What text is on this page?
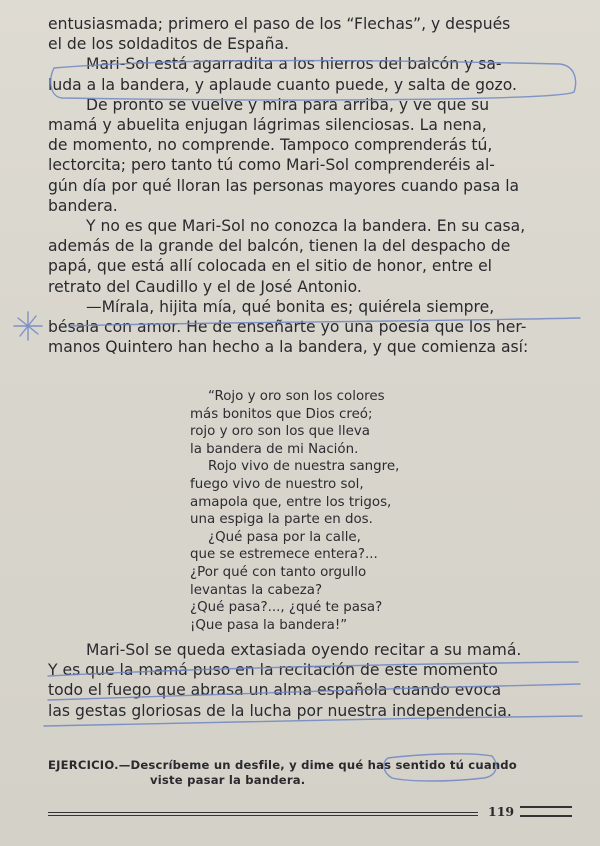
entusiasmada; primero el paso de los “Flechas”, y después
el de los soldaditos de España.

Mari-Sol está agarradita a los hierros del balcón y sa-

luda a la bandera, y aplaude cuanto puede, y salta de gozo.

De pronto se vuelve y mira para arriba, y ve que su

mamá y abuelita enjugan lágrimas silenciosas. La nena,
de momento, no comprende. Tampoco comprenderás tú,
lectorcita; pero tanto tú como Mari-Sol comprenderéis al-
gún día por qué lloran las personas mayores cuando pasa la
bandera.

Y no es que Mari-Sol no conozca la bandera. En su casa,

además de la grande del balcón, tienen la del despacho de
papá, que está allí colocada en el sitio de honor, entre el
retrato del Caudillo y el de José Antonio.

—Mírala, hijita mía, qué bonita es; quiérela siempre,

bésala con amor. He de enseñarte yo una poesía que los her-
manos Quintero han hecho a la bandera, y que comienza así:

“Rojo y oro son los colores
más bonitos que Dios creó;
rojo y oro son los que lleva
la bandera de mi Nación.
Rojo vivo de nuestra sangre,
fuego vivo de nuestro sol,
amapola que, entre los trigos,
una espiga la parte en dos.
¿Qué pasa por la calle,
que se estremece entera?...
¿Por qué con tanto orgullo
levantas la cabeza?
¿Qué pasa?..., ¿qué te pasa?
¡Que pasa la bandera!”
Mari-Sol se queda extasiada oyendo recitar a su mamá.
Y es que la mamá puso en la recitación de este momento
todo el fuego que abrasa un alma española cuando evoca
las gestas gloriosas de la lucha por nuestra independencia.
EJERCICIO.—Descríbeme un desfile, y dime qué has sentido tú cuando
viste pasar la bandera.
119
